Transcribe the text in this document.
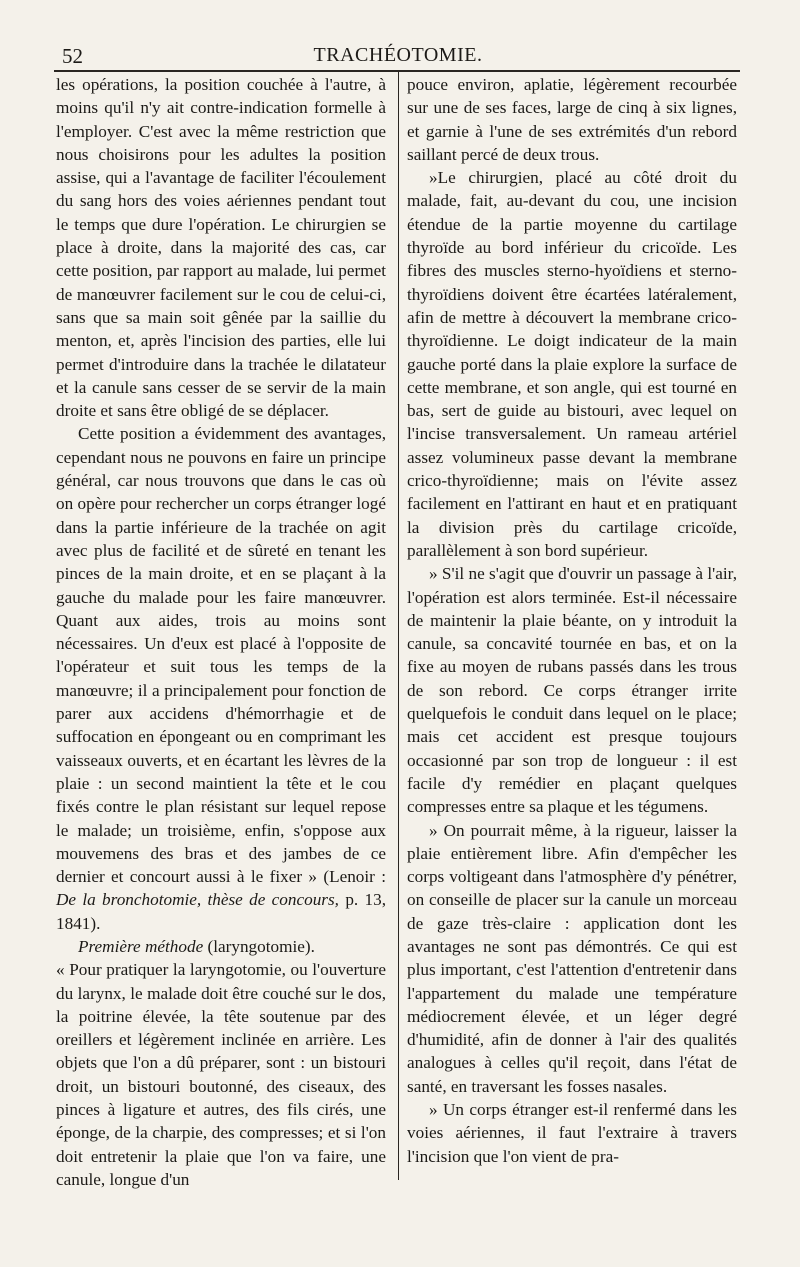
52	TRACHÉOTOMIE.

les opérations, la position couchée à l'autre, à moins qu'il n'y ait contre-indication formelle à l'employer. C'est avec la même restriction que nous choisirons pour les adultes la position assise, qui a l'avantage de faciliter l'écoulement du sang hors des voies aériennes pendant tout le temps que dure l'opération. Le chirurgien se place à droite, dans la majorité des cas, car cette position, par rapport au malade, lui permet de manœuvrer facilement sur le cou de celui-ci, sans que sa main soit gênée par la saillie du menton, et, après l'incision des parties, elle lui permet d'introduire dans la trachée le dilatateur et la canule sans cesser de se servir de la main droite et sans être obligé de se déplacer.

Cette position a évidemment des avantages, cependant nous ne pouvons en faire un principe général, car nous trouvons que dans le cas où on opère pour rechercher un corps étranger logé dans la partie inférieure de la trachée on agit avec plus de facilité et de sûreté en tenant les pinces de la main droite, et en se plaçant à la gauche du malade pour les faire manœuvrer. Quant aux aides, trois au moins sont nécessaires. Un d'eux est placé à l'opposite de l'opérateur et suit tous les temps de la manœuvre; il a principalement pour fonction de parer aux accidens d'hémorrhagie et de suffocation en épongeant ou en comprimant les vaisseaux ouverts, et en écartant les lèvres de la plaie : un second maintient la tête et le cou fixés contre le plan résistant sur lequel repose le malade; un troisième, enfin, s'oppose aux mouvemens des bras et des jambes de ce dernier et concourt aussi à le fixer » (Lenoir : De la bronchotomie, thèse de concours, p. 13, 1841).

Première méthode (laryngotomie).

« Pour pratiquer la laryngotomie, ou l'ouverture du larynx, le malade doit être couché sur le dos, la poitrine élevée, la tête soutenue par des oreillers et légèrement inclinée en arrière. Les objets que l'on a dû préparer, sont : un bistouri droit, un bistouri boutonné, des ciseaux, des pinces à ligature et autres, des fils cirés, une éponge, de la charpie, des compresses; et si l'on doit entretenir la plaie que l'on va faire, une canule, longue d'un

pouce environ, aplatie, légèrement recourbée sur une de ses faces, large de cinq à six lignes, et garnie à l'une de ses extrémités d'un rebord saillant percé de deux trous.

»Le chirurgien, placé au côté droit du malade, fait, au-devant du cou, une incision étendue de la partie moyenne du cartilage thyroïde au bord inférieur du cricoïde. Les fibres des muscles sterno-hyoïdiens et sterno-thyroïdiens doivent être écartées latéralement, afin de mettre à découvert la membrane crico-thyroïdienne. Le doigt indicateur de la main gauche porté dans la plaie explore la surface de cette membrane, et son angle, qui est tourné en bas, sert de guide au bistouri, avec lequel on l'incise transversalement. Un rameau artériel assez volumineux passe devant la membrane crico-thyroïdienne; mais on l'évite assez facilement en l'attirant en haut et en pratiquant la division près du cartilage cricoïde, parallèlement à son bord supérieur.

» S'il ne s'agit que d'ouvrir un passage à l'air, l'opération est alors terminée. Est-il nécessaire de maintenir la plaie béante, on y introduit la canule, sa concavité tournée en bas, et on la fixe au moyen de rubans passés dans les trous de son rebord. Ce corps étranger irrite quelquefois le conduit dans lequel on le place; mais cet accident est presque toujours occasionné par son trop de longueur : il est facile d'y remédier en plaçant quelques compresses entre sa plaque et les tégumens.

» On pourrait même, à la rigueur, laisser la plaie entièrement libre. Afin d'empêcher les corps voltigeant dans l'atmosphère d'y pénétrer, on conseille de placer sur la canule un morceau de gaze très-claire : application dont les avantages ne sont pas démontrés. Ce qui est plus important, c'est l'attention d'entretenir dans l'appartement du malade une température médiocrement élevée, et un léger degré d'humidité, afin de donner à l'air des qualités analogues à celles qu'il reçoit, dans l'état de santé, en traversant les fosses nasales.

» Un corps étranger est-il renfermé dans les voies aériennes, il faut l'extraire à travers l'incision que l'on vient de pra-
